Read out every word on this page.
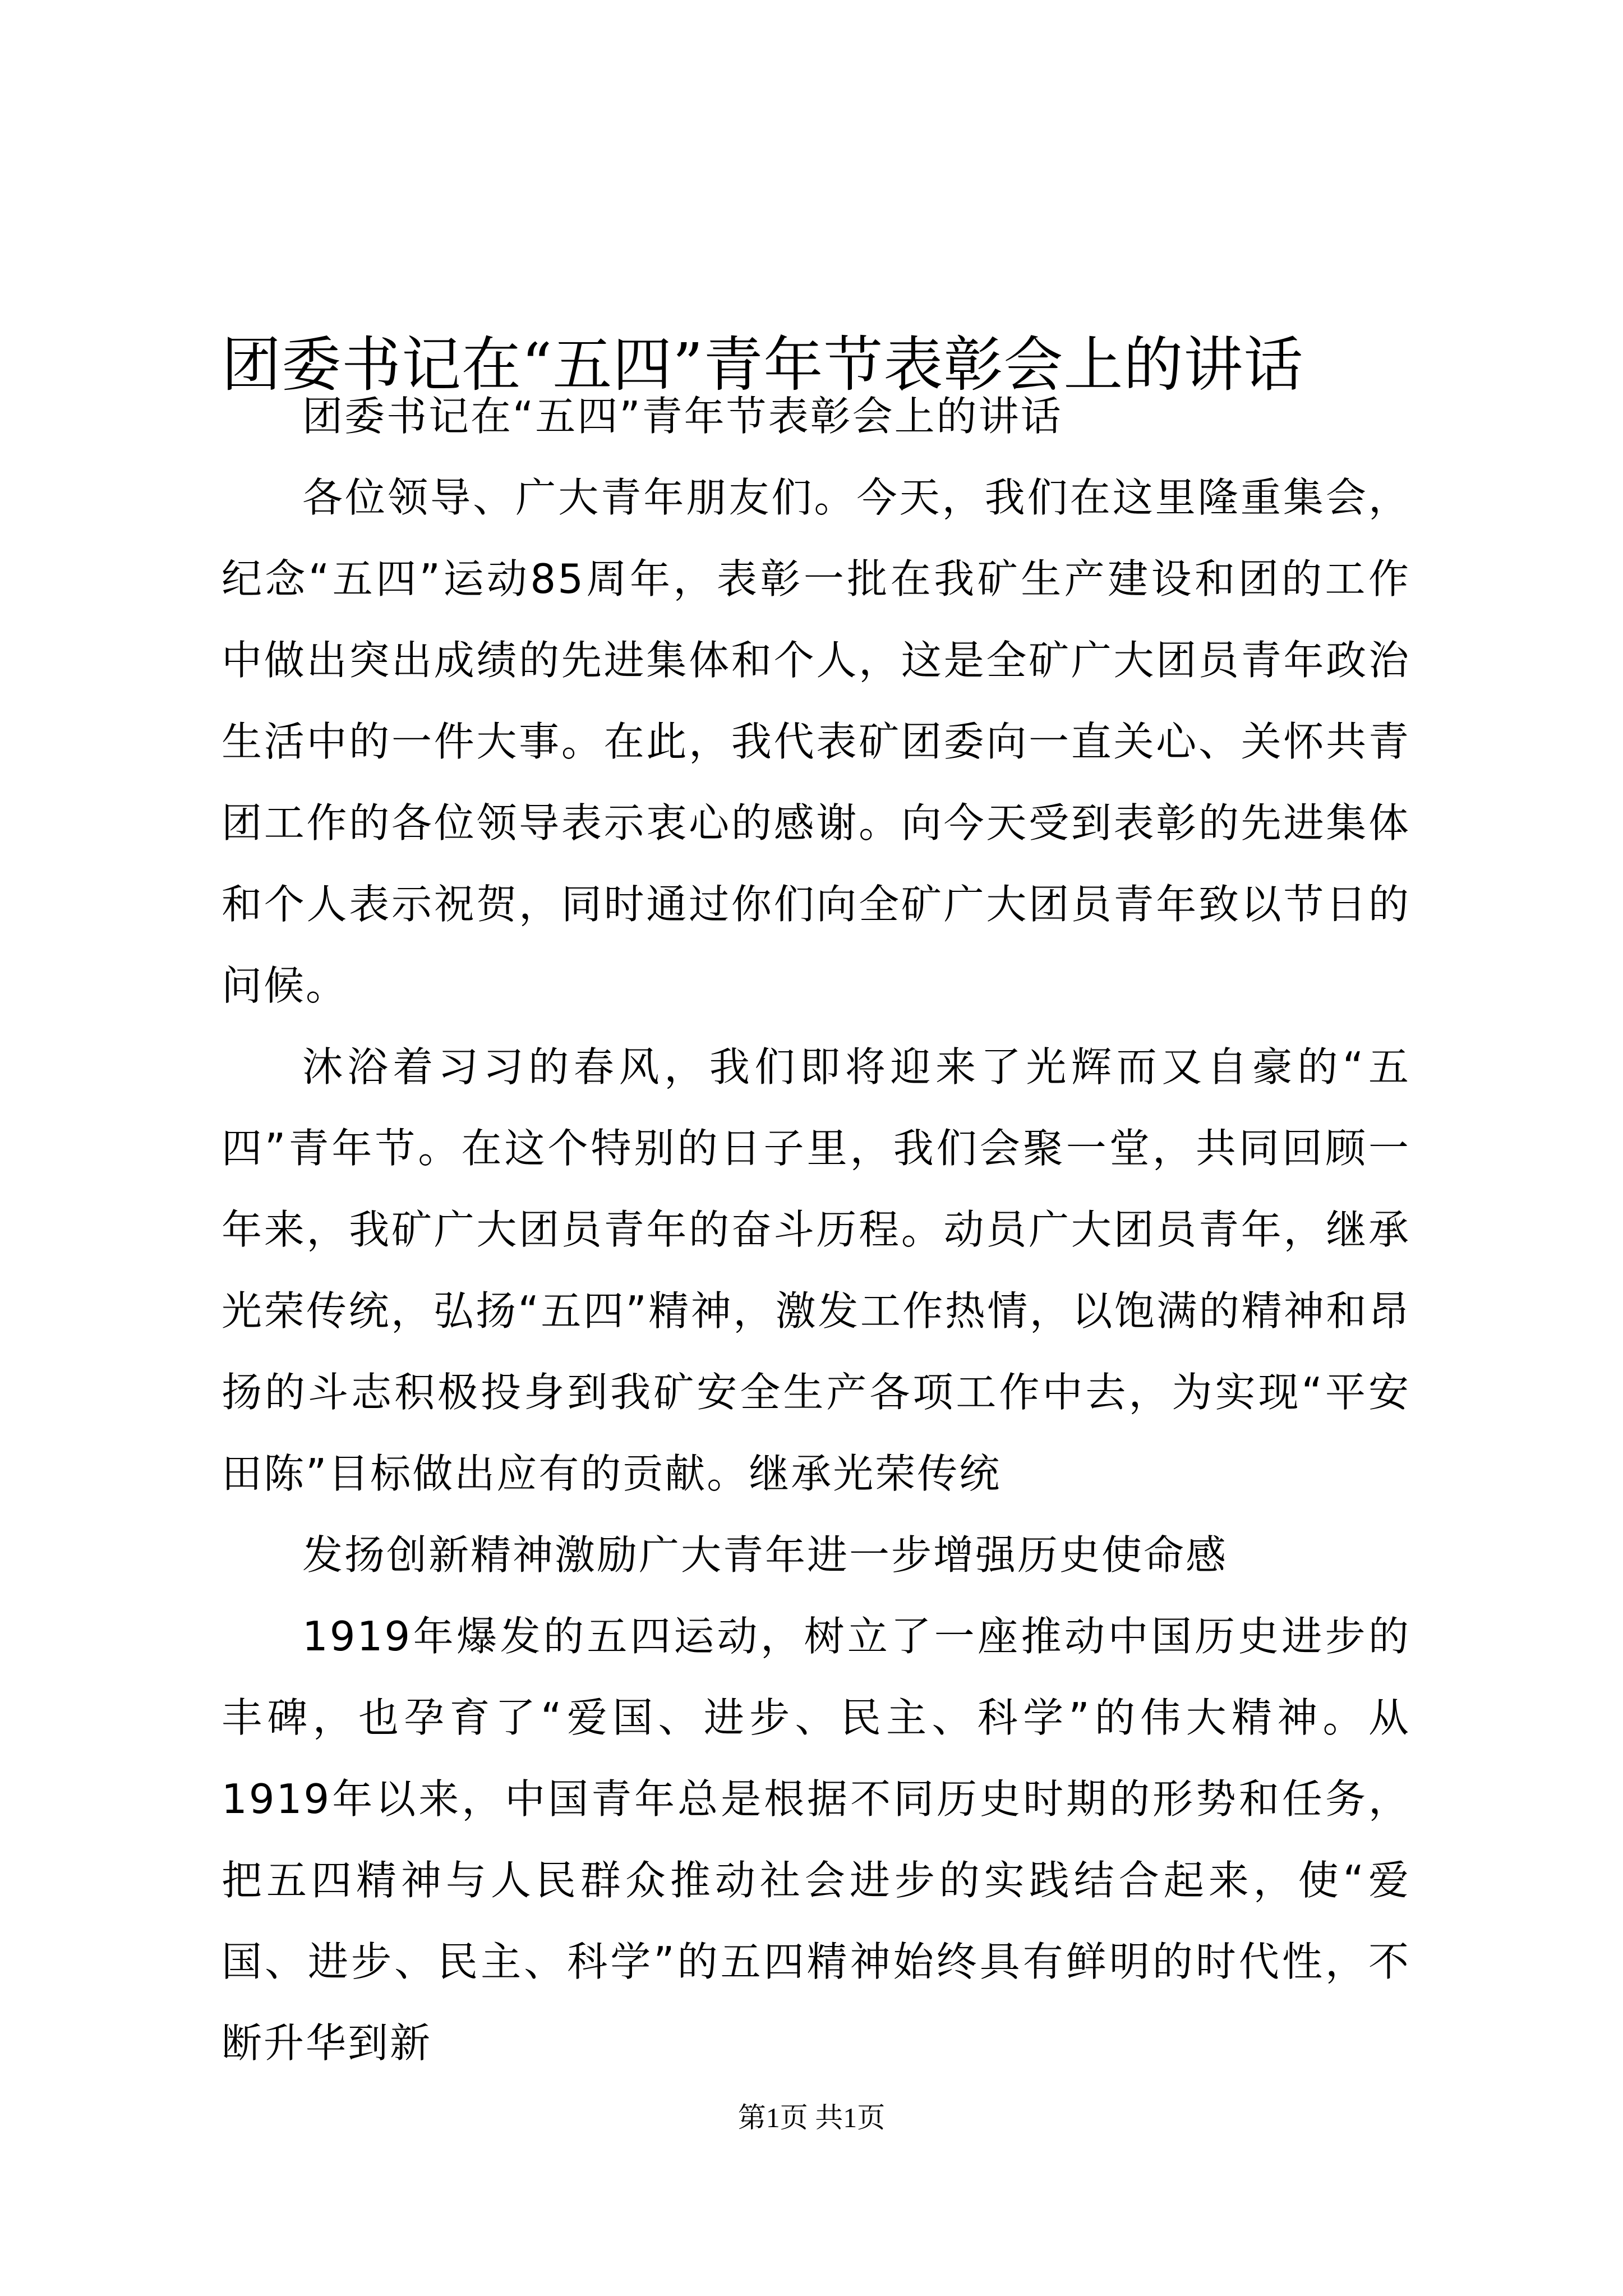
团委书记在“五四”青年节表彰会上的讲话

团委书记在“五四”青年节表彰会上的讲话

各位领导、广大青年朋友们。今天，我们在这里隆重集会，纪念“五四”运动85周年，表彰一批在我矿生产建设和团的工作中做出突出成绩的先进集体和个人，这是全矿广大团员青年政治生活中的一件大事。在此，我代表矿团委向一直关心、关怀共青团工作的各位领导表示衷心的感谢。向今天受到表彰的先进集体和个人表示祝贺，同时通过你们向全矿广大团员青年致以节日的问候。

沐浴着习习的春风，我们即将迎来了光辉而又自豪的“五四”青年节。在这个特别的日子里，我们会聚一堂，共同回顾一年来，我矿广大团员青年的奋斗历程。动员广大团员青年，继承光荣传统，弘扬“五四”精神，激发工作热情，以饱满的精神和昂扬的斗志积极投身到我矿安全生产各项工作中去，为实现“平安田陈”目标做出应有的贡献。继承光荣传统

发扬创新精神激励广大青年进一步增强历史使命感

1919年爆发的五四运动，树立了一座推动中国历史进步的丰碑，也孕育了“爱国、进步、民主、科学”的伟大精神。从1919年以来，中国青年总是根据不同历史时期的形势和任务，把五四精神与人民群众推动社会进步的实践结合起来，使“爱国、进步、民主、科学”的五四精神始终具有鲜明的时代性，不断升华到新

第1页 共1页
